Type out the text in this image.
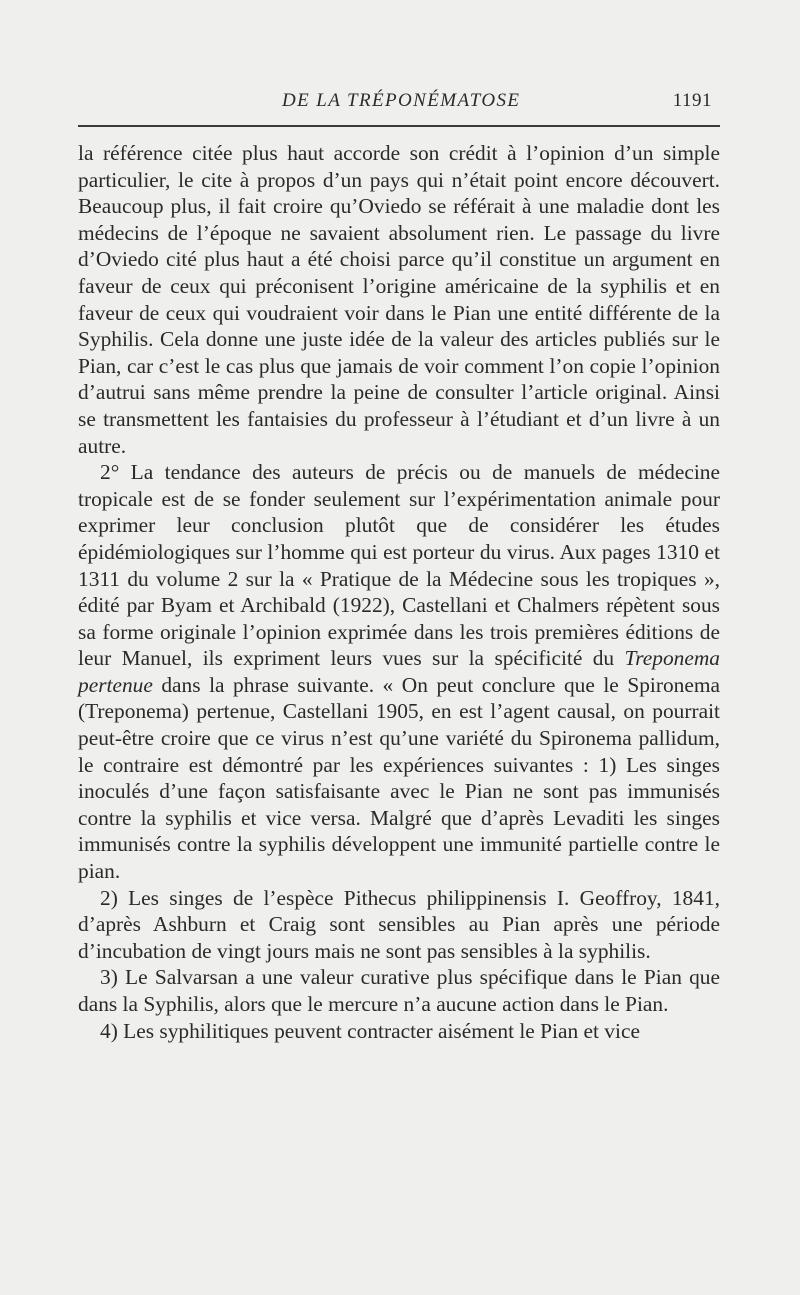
DE LA TRÉPONÉMATOSE	1191

la référence citée plus haut accorde son crédit à l’opinion d’un simple particulier, le cite à propos d’un pays qui n’était point encore découvert. Beaucoup plus, il fait croire qu’Oviedo se référait à une maladie dont les médecins de l’époque ne savaient absolument rien. Le passage du livre d’Oviedo cité plus haut a été choisi parce qu’il constitue un argument en faveur de ceux qui préconisent l’origine américaine de la syphilis et en faveur de ceux qui voudraient voir dans le Pian une entité différente de la Syphilis. Cela donne une juste idée de la valeur des articles publiés sur le Pian, car c’est le cas plus que jamais de voir comment l’on copie l’opinion d’autrui sans même prendre la peine de consulter l’article original. Ainsi se transmettent les fantaisies du professeur à l’étudiant et d’un livre à un autre.

2° La tendance des auteurs de précis ou de manuels de médecine tropicale est de se fonder seulement sur l’expérimentation animale pour exprimer leur conclusion plutôt que de considérer les études épidémiologiques sur l’homme qui est porteur du virus. Aux pages 1310 et 1311 du volume 2 sur la « Pratique de la Médecine sous les tropiques », édité par Byam et Archibald (1922), Castellani et Chalmers répètent sous sa forme originale l’opinion exprimée dans les trois premières éditions de leur Manuel, ils expriment leurs vues sur la spécificité du Treponema pertenue dans la phrase suivante. « On peut conclure que le Spironema (Treponema) pertenue, Castellani 1905, en est l’agent causal, on pourrait peut-être croire que ce virus n’est qu’une variété du Spironema pallidum, le contraire est démontré par les expériences suivantes : 1) Les singes inoculés d’une façon satisfaisante avec le Pian ne sont pas immunisés contre la syphilis et vice versa. Malgré que d’après Levaditi les singes immunisés contre la syphilis développent une immunité partielle contre le pian.

2) Les singes de l’espèce Pithecus philippinensis I. Geoffroy, 1841, d’après Ashburn et Craig sont sensibles au Pian après une période d’incubation de vingt jours mais ne sont pas sensibles à la syphilis.

3) Le Salvarsan a une valeur curative plus spécifique dans le Pian que dans la Syphilis, alors que le mercure n’a aucune action dans le Pian.

4) Les syphilitiques peuvent contracter aisément le Pian et vice
